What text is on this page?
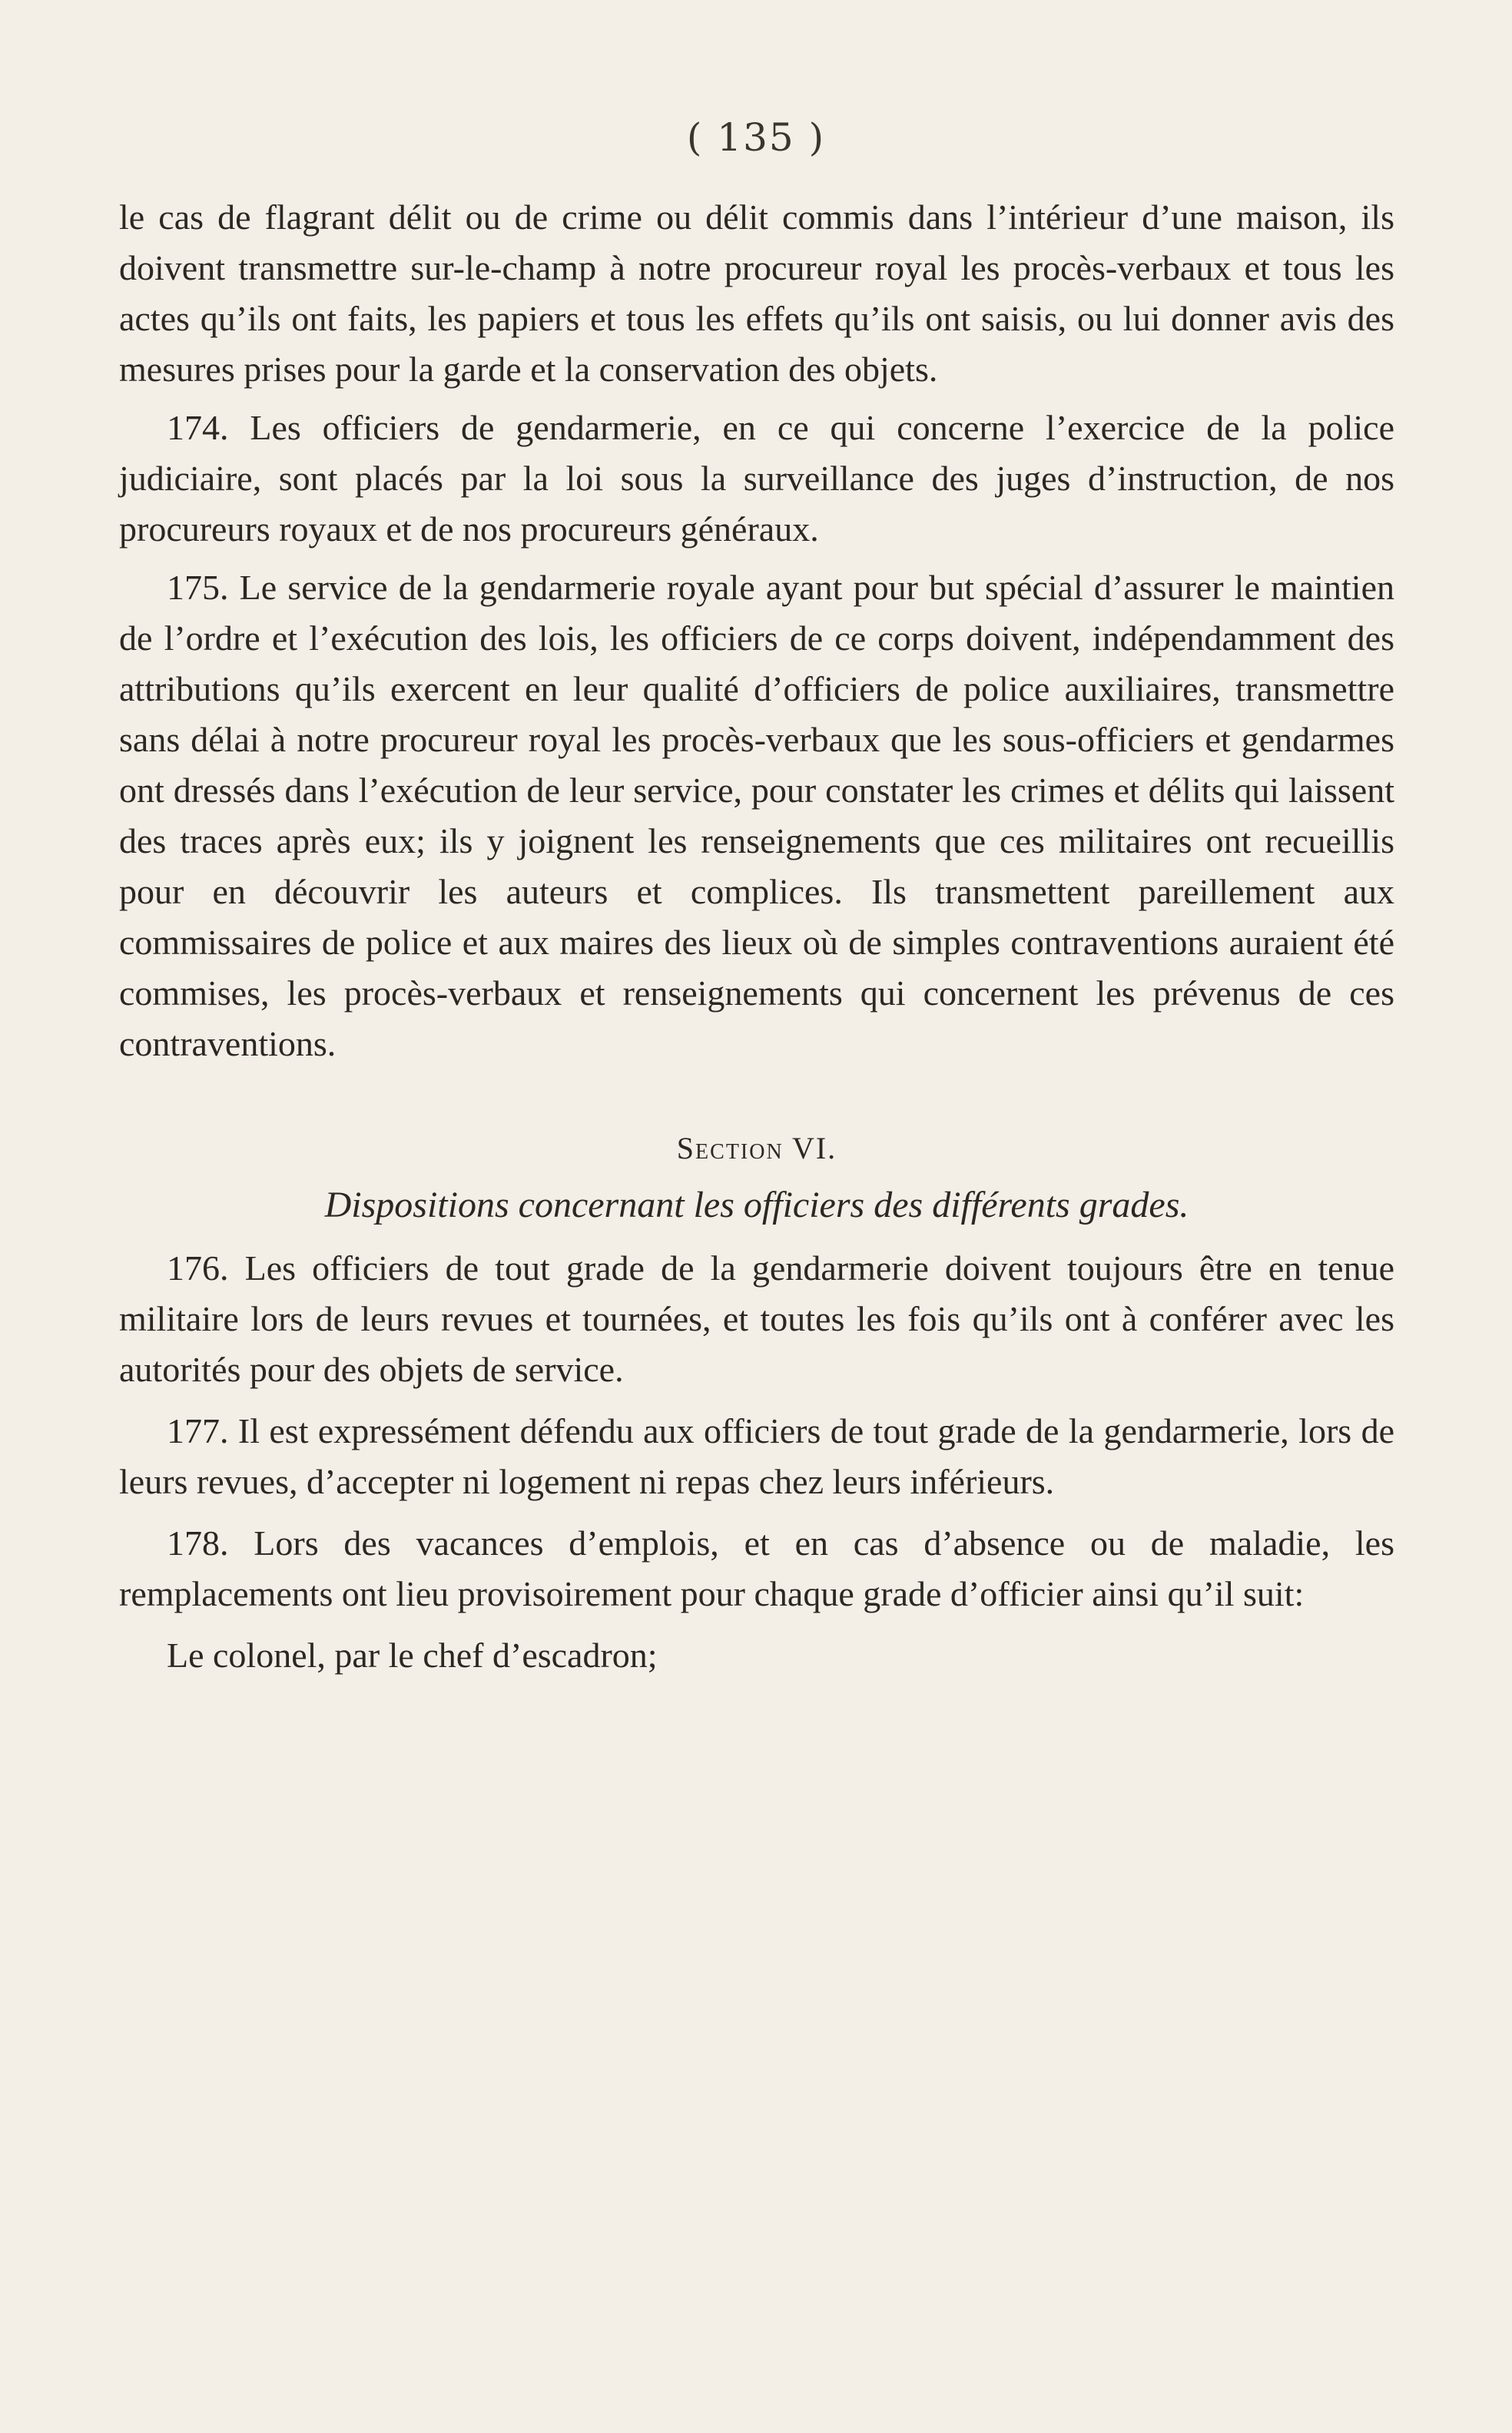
( 135 )

le cas de flagrant délit ou de crime ou délit commis dans l’intérieur d’une maison, ils doivent transmettre sur-le-champ à notre procureur royal les procès-verbaux et tous les actes qu’ils ont faits, les papiers et tous les effets qu’ils ont saisis, ou lui donner avis des mesures prises pour la garde et la conservation des objets.

174. Les officiers de gendarmerie, en ce qui concerne l’exercice de la police judiciaire, sont placés par la loi sous la surveillance des juges d’instruction, de nos procureurs royaux et de nos procureurs généraux.

175. Le service de la gendarmerie royale ayant pour but spécial d’assurer le maintien de l’ordre et l’exécution des lois, les officiers de ce corps doivent, indépendamment des attributions qu’ils exercent en leur qualité d’officiers de police auxiliaires, transmettre sans délai à notre procureur royal les procès-verbaux que les sous-officiers et gendarmes ont dressés dans l’exécution de leur service, pour constater les crimes et délits qui laissent des traces après eux; ils y joignent les renseignements que ces militaires ont recueillis pour en découvrir les auteurs et complices. Ils transmettent pareillement aux commissaires de police et aux maires des lieux où de simples contraventions auraient été commises, les procès-verbaux et renseignements qui concernent les prévenus de ces contraventions.

Section VI.
Dispositions concernant les officiers des différents grades.

176. Les officiers de tout grade de la gendarmerie doivent toujours être en tenue militaire lors de leurs revues et tournées, et toutes les fois qu’ils ont à conférer avec les autorités pour des objets de service.

177. Il est expressément défendu aux officiers de tout grade de la gendarmerie, lors de leurs revues, d’accepter ni logement ni repas chez leurs inférieurs.

178. Lors des vacances d’emplois, et en cas d’absence ou de maladie, les remplacements ont lieu provisoirement pour chaque grade d’officier ainsi qu’il suit:

Le colonel, par le chef d’escadron;
